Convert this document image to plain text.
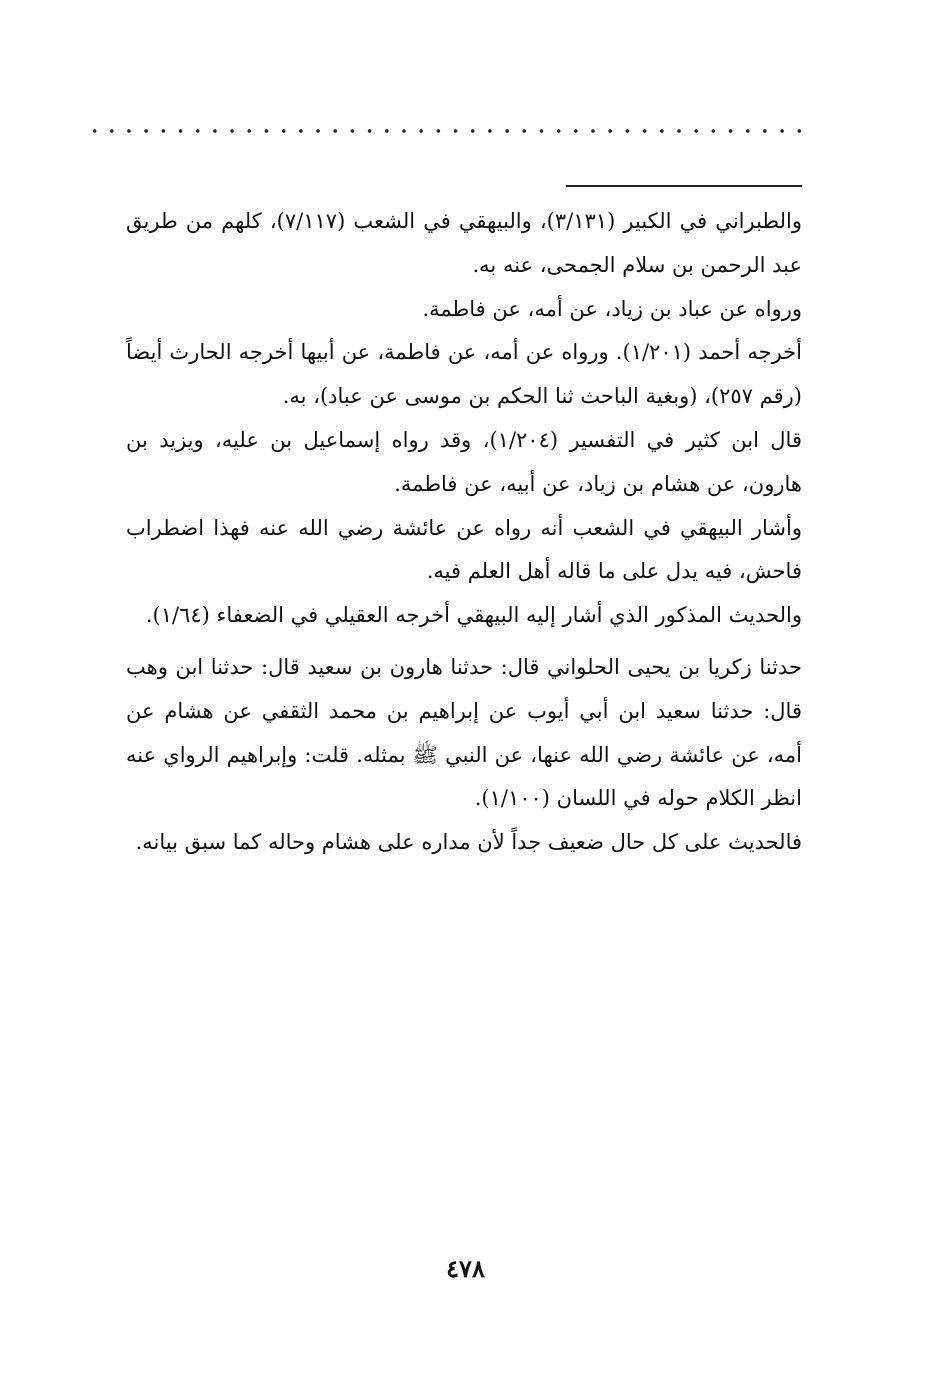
والطبراني في الكبير (٣/١٣١)، والبيهقي في الشعب (٧/١١٧)، كلهم من طريق عبد الرحمن بن سلام الجمحى، عنه به.

ورواه عن عباد بن زياد، عن أمه، عن فاطمة.

أخرجه أحمد (١/٢٠١). ورواه عن أمه، عن فاطمة، عن أبيها أخرجه الحارث أيضاً (رقم ٢٥٧)، (وبغية الباحث ثنا الحكم بن موسى عن عباد)، به.

قال ابن كثير في التفسير (١/٢٠٤)، وقد رواه إسماعيل بن عليه، ويزيد بن هارون، عن هشام بن زياد، عن أبيه، عن فاطمة.

وأشار البيهقي في الشعب أنه رواه عن عائشة رضي الله عنه فهذا اضطراب فاحش، فيه يدل على ما قاله أهل العلم فيه.

والحديث المذكور الذي أشار إليه البيهقي أخرجه العقيلي في الضعفاء (١/٦٤).

حدثنا زكريا بن يحيى الحلواني قال: حدثنا هارون بن سعيد قال: حدثنا ابن وهب قال: حدثنا سعيد ابن أبي أيوب عن إبراهيم بن محمد الثقفي عن هشام عن أمه، عن عائشة رضي الله عنها، عن النبي ﷺ بمثله. قلت: وإبراهيم الرواي عنه انظر الكلام حوله في اللسان (١/١٠٠).

فالحديث على كل حال ضعيف جداً لأن مداره على هشام وحاله كما سبق بيانه.

٤٧٨
